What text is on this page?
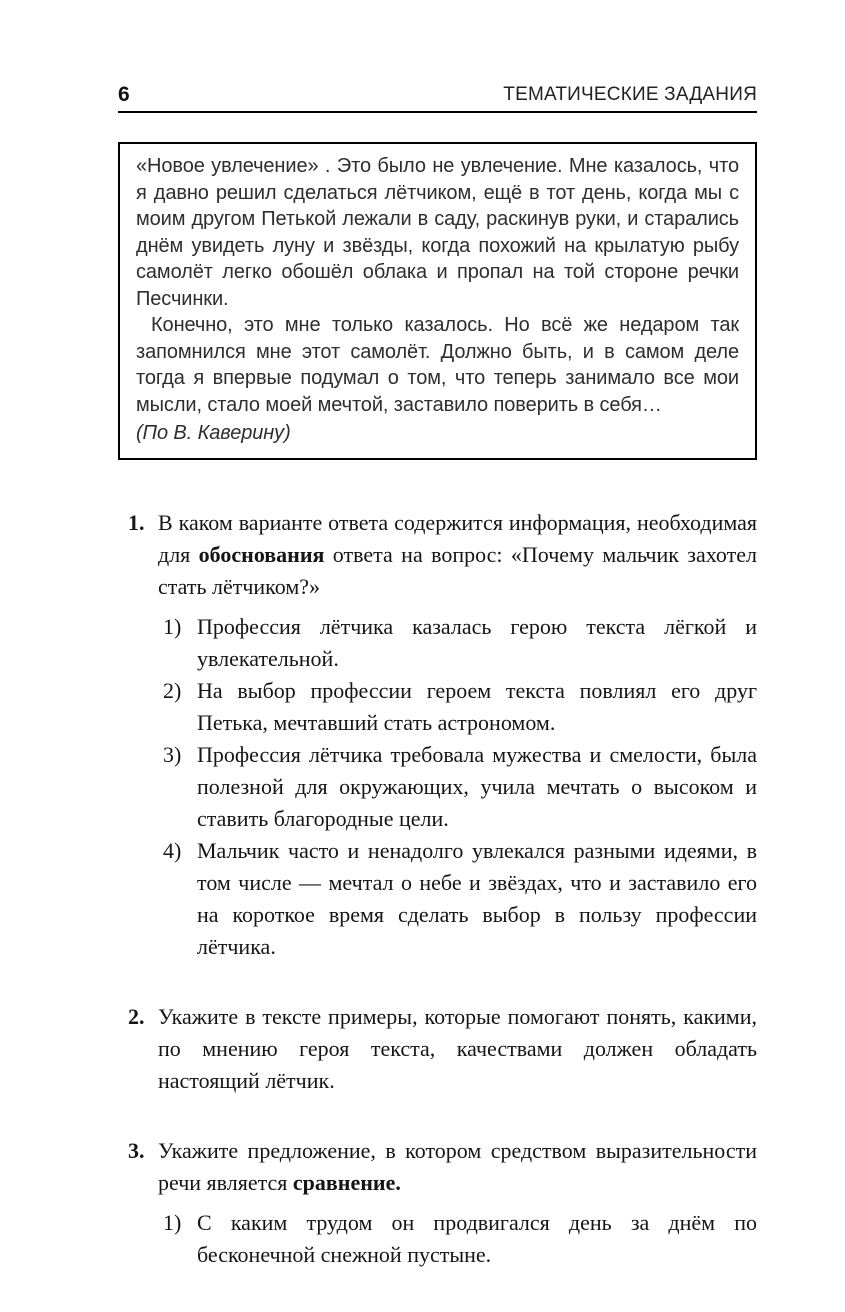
6	ТЕМАТИЧЕСКИЕ ЗАДАНИЯ

«Новое увлечение» . Это было не увлечение. Мне казалось, что я давно решил сделаться лётчиком, ещё в тот день, когда мы с моим другом Петькой лежали в саду, раскинув руки, и старались днём увидеть луну и звёзды, когда похожий на крылатую рыбу самолёт легко обошёл облака и пропал на той стороне речки Песчинки.

Конечно, это мне только казалось. Но всё же недаром так запомнился мне этот самолёт. Должно быть, и в самом деле тогда я впервые подумал о том, что теперь занимало все мои мысли, стало моей мечтой, заставило поверить в себя…

(По В. Каверину)

1. В каком варианте ответа содержится информация, необходимая для обоснования ответа на вопрос: «Почему мальчик захотел стать лётчиком?»
1) Профессия лётчика казалась герою текста лёгкой и увлекательной.
2) На выбор профессии героем текста повлиял его друг Петька, мечтавший стать астрономом.
3) Профессия лётчика требовала мужества и смелости, была полезной для окружающих, учила мечтать о высоком и ставить благородные цели.
4) Мальчик часто и ненадолго увлекался разными идеями, в том числе — мечтал о небе и звёздах, что и заставило его на короткое время сделать выбор в пользу профессии лётчика.
2. Укажите в тексте примеры, которые помогают понять, какими, по мнению героя текста, качествами должен обладать настоящий лётчик.
3. Укажите предложение, в котором средством выразительности речи является сравнение.
1) С каким трудом он продвигался день за днём по бесконечной снежной пустыне.
